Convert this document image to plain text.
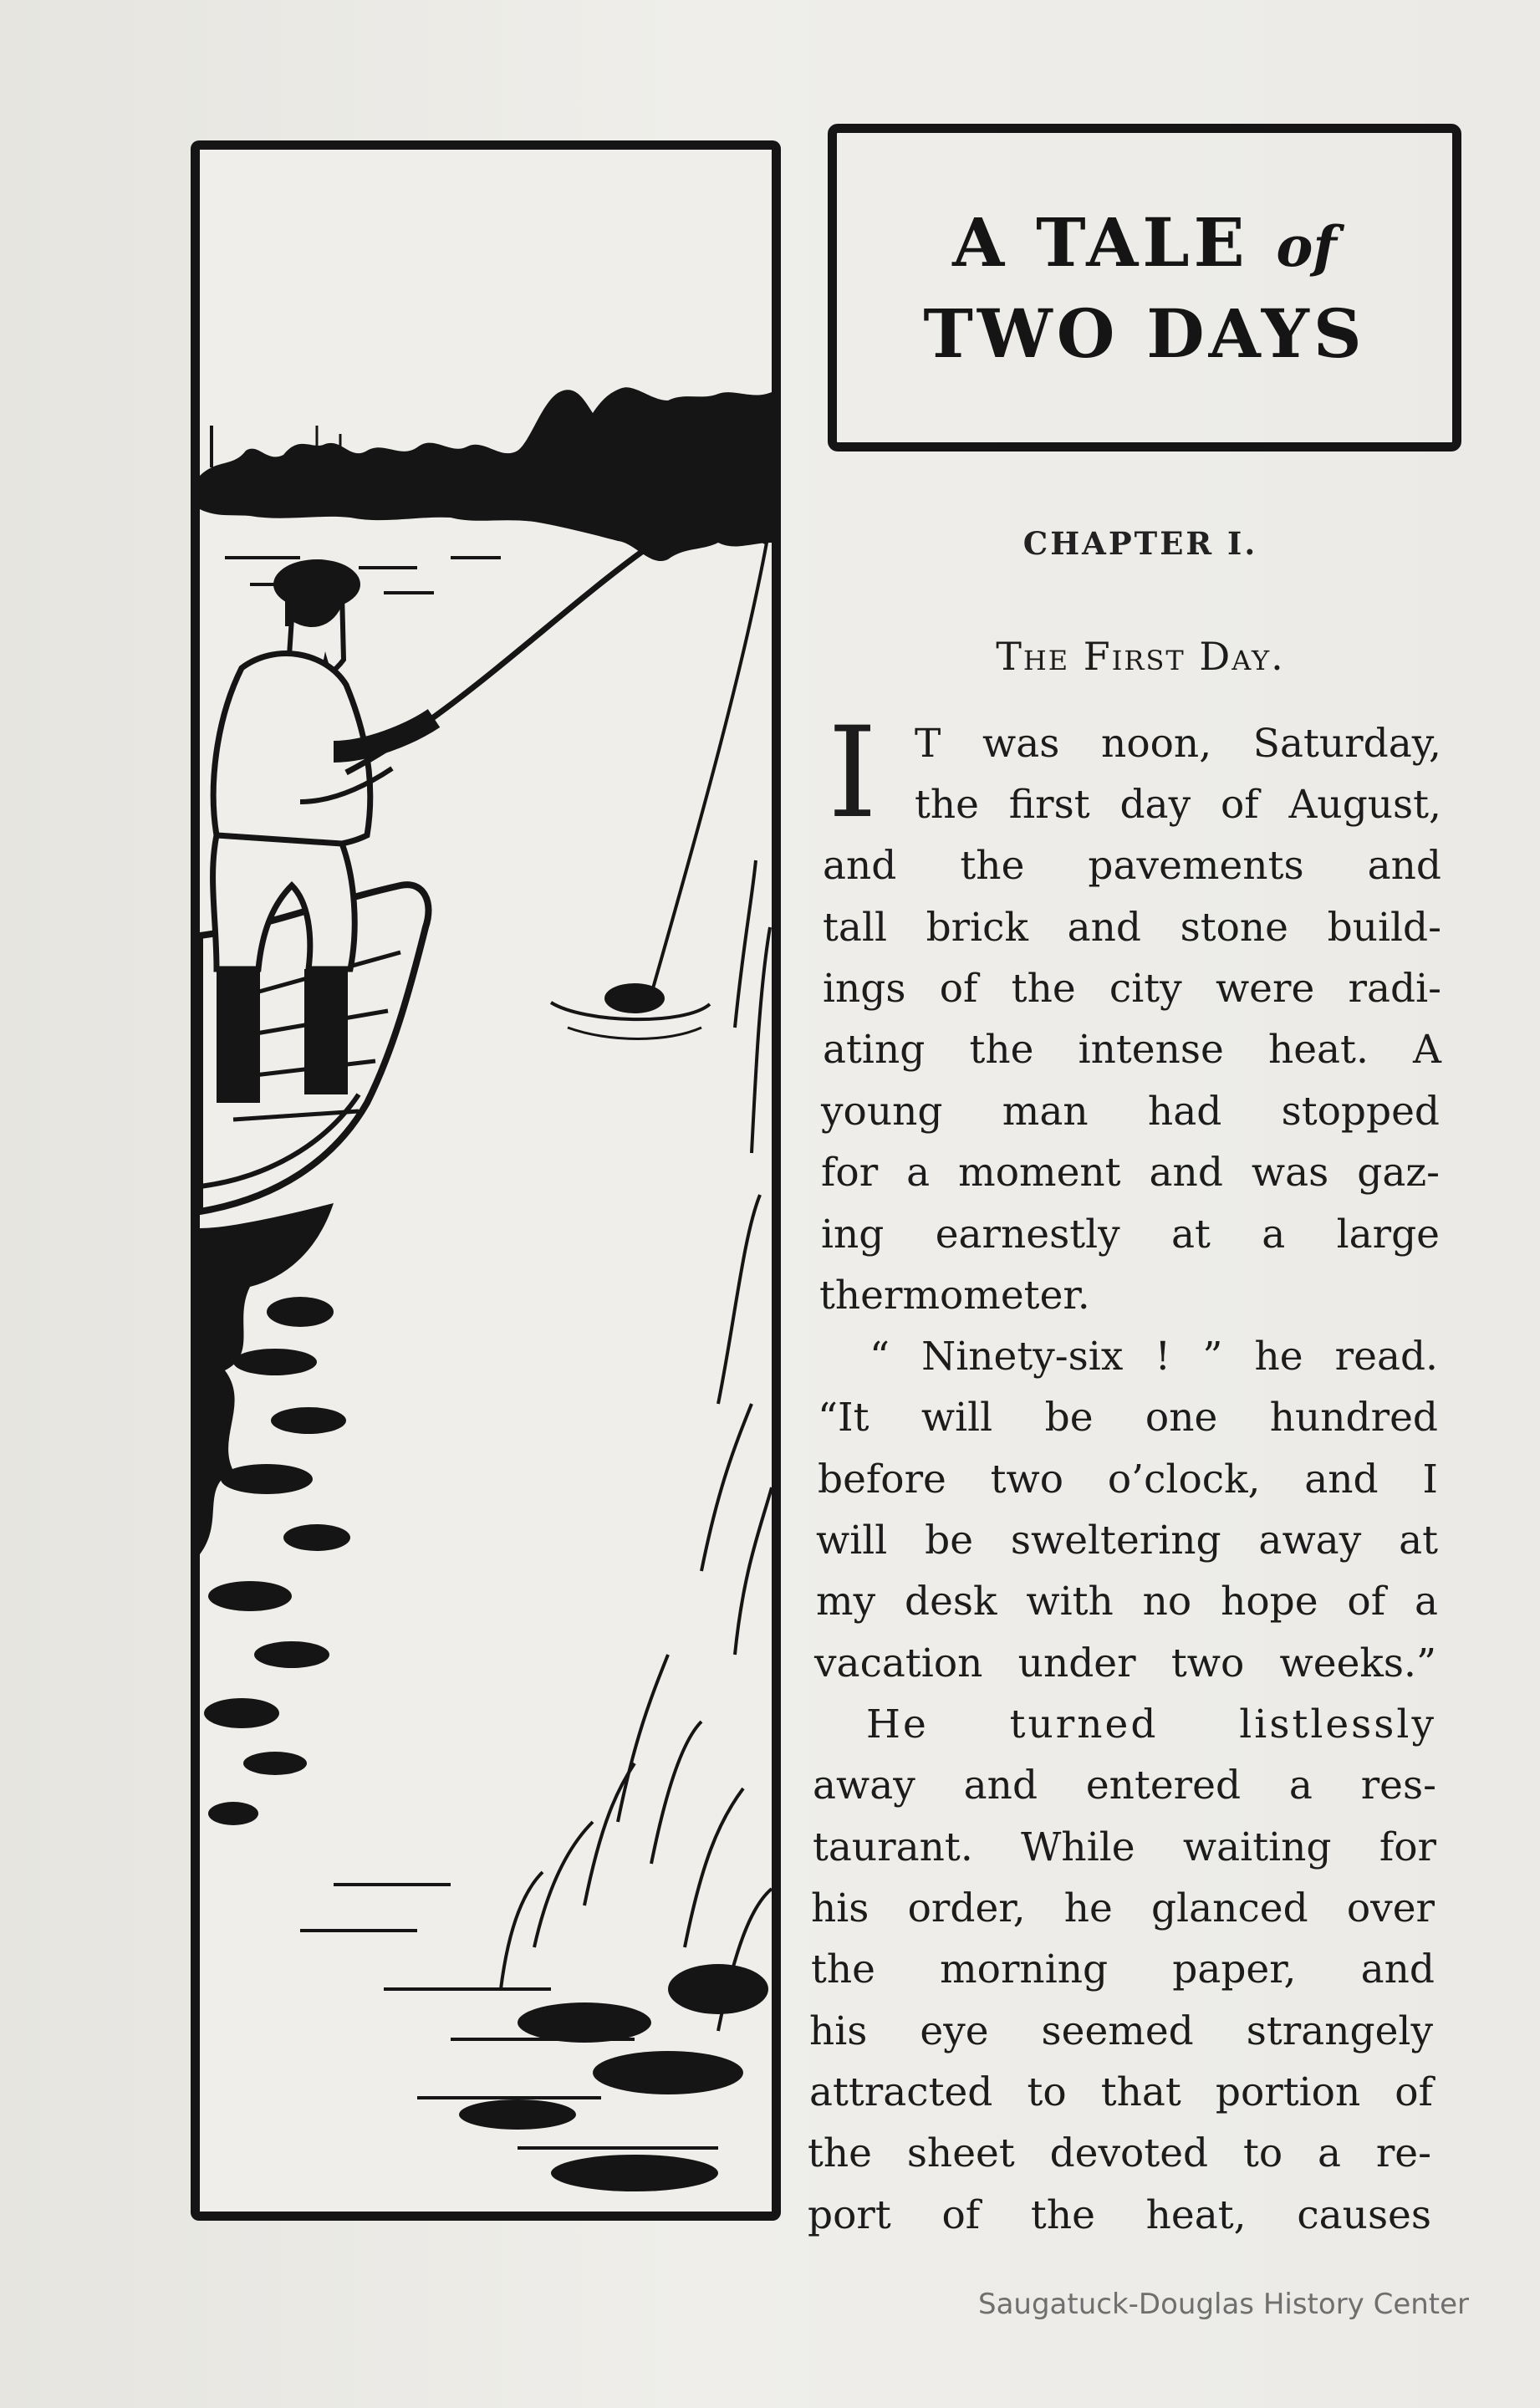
A TALE of
TWO DAYS
CHAPTER I.
The First Day.
I T was noon, Saturday,
the first day of August,
and the pavements and
tall brick and stone build-
ings of the city were radi-
ating the intense heat. A
young man had stopped
for a moment and was gaz-
ing earnestly at a large
thermometer.
“ Ninety-six ! ” he read.
“It will be one hundred
before two o’clock, and I
will be sweltering away at
my desk with no hope of a
vacation under two weeks.”
He turned listlessly
away and entered a res-
taurant. While waiting for
his order, he glanced over
the morning paper, and
his eye seemed strangely
attracted to that portion of
the sheet devoted to a re-
port of the heat, causes
Saugatuck-Douglas History Center
